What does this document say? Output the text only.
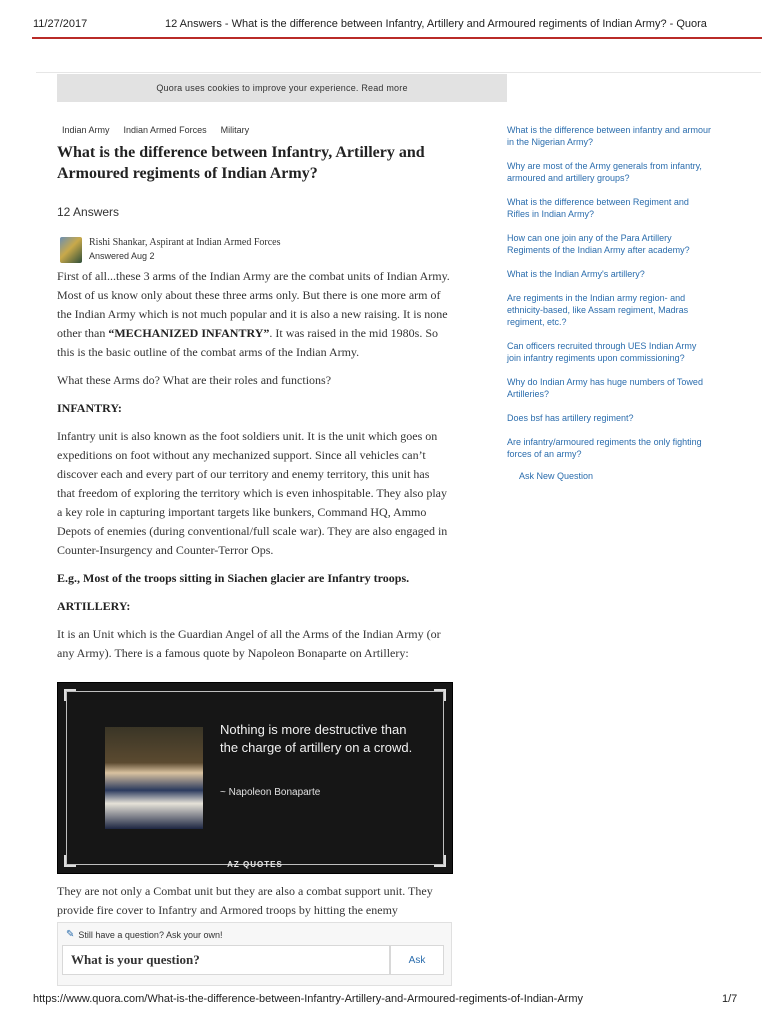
11/27/2017	12 Answers - What is the difference between Infantry, Artillery and Armoured regiments of Indian Army? - Quora
Quora uses cookies to improve your experience. Read more
Indian Army Indian Armed Forces Military
What is the difference between Infantry, Artillery and Armoured regiments of Indian Army?
12 Answers
Rishi Shankar, Aspirant at Indian Armed Forces
Answered Aug 2

First of all...these 3 arms of the Indian Army are the combat units of Indian Army. Most of us know only about these three arms only. But there is one more arm of the Indian Army which is not much popular and it is also a new raising. It is none other than “MECHANIZED INFANTRY”. It was raised in the mid 1980s. So this is the basic outline of the combat arms of the Indian Army.

What these Arms do? What are their roles and functions?

INFANTRY:

Infantry unit is also known as the foot soldiers unit. It is the unit which goes on expeditions on foot without any mechanized support. Since all vehicles can’t discover each and every part of our territory and enemy territory, this unit has that freedom of exploring the territory which is even inhospitable. They also play a key role in capturing important targets like bunkers, Command HQ, Ammo Depots of enemies (during conventional/full scale war). They are also engaged in Counter-Insurgency and Counter-Terror Ops.

E.g., Most of the troops sitting in Siachen glacier are Infantry troops.

ARTILLERY:

It is an Unit which is the Guardian Angel of all the Arms of the Indian Army (or any Army). There is a famous quote by Napoleon Bonaparte on Artillery:

Nothing is more destructive than the charge of artillery on a crowd.
~ Napoleon Bonaparte
AZ QUOTES
They are not only a Combat unit but they are also a combat support unit. They provide fire cover to Infantry and Armored troops by hitting the enemy
✎ Still have a question? Ask your own!
What is your question?
Ask
What is the difference between infantry and armour in the Nigerian Army?
Why are most of the Army generals from infantry, armoured and artillery groups?
What is the difference between Regiment and Rifles in Indian Army?
How can one join any of the Para Artillery Regiments of the Indian Army after academy?
What is the Indian Army's artillery?
Are regiments in the Indian army region- and ethnicity-based, like Assam regiment, Madras regiment, etc.?
Can officers recruited through UES Indian Army join infantry regiments upon commissioning?
Why do Indian Army has huge numbers of Towed Artilleries?
Does bsf has artillery regiment?
Are infantry/armoured regiments the only fighting forces of an army?
Ask New Question
https://www.quora.com/What-is-the-difference-between-Infantry-Artillery-and-Armoured-regiments-of-Indian-Army	1/7
